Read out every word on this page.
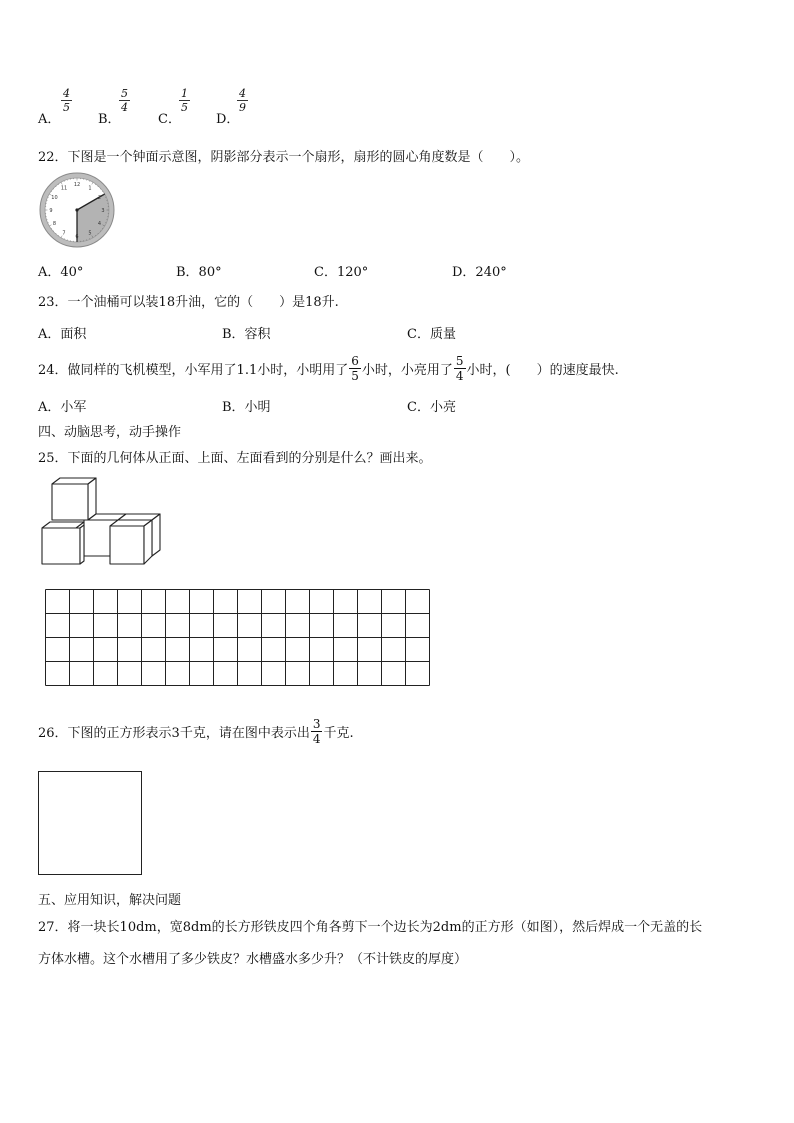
A．
4
5
B．
5
4
C．
1
5
D．
4
9
22．下图是一个钟面示意图，阴影部分表示一个扇形，扇形的圆心角度数是（　　）。
12
1
2
3
4
5
6
7
8
9
10
11
A．40°	B．80°	C．120°	D．240°
23．一个油桶可以装18升油，它的（　　）是18升.
A．面积	B．容积	C．质量
24．做同样的飞机模型，小军用了1.1小时，小明用了 $\frac{6}{5}$ 小时，小亮用了 $\frac{5}{4}$ 小时，(　　）的速度最快.
A．小军	B．小明	C．小亮
四、动脑思考，动手操作
25．下面的几何体从正面、上面、左面看到的分别是什么？画出来。
26．下图的正方形表示3千克，请在图中表示出 $\frac{3}{4}$ 千克.
五、应用知识，解决问题
27．将一块长10dm，宽8dm的长方形铁皮四个角各剪下一个边长为2dm的正方形（如图），然后焊成一个无盖的长
方体水槽。这个水槽用了多少铁皮？水槽盛水多少升？（不计铁皮的厚度）
